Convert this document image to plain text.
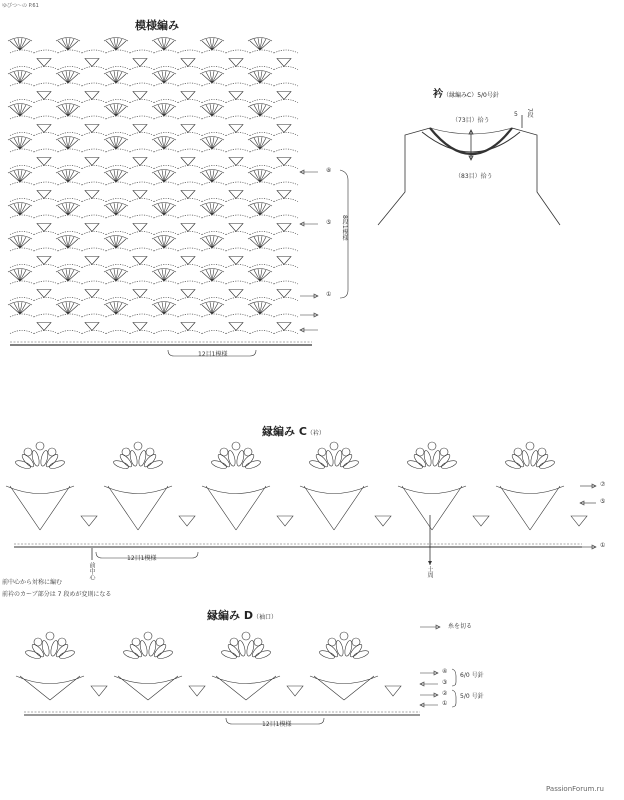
ゆびつ〜の P.61
模様編み
12目1模様
8段1模様
⑧
⑤
①
衿（縁編みC）5/0号針
（73目）拾う
（83目）拾う
5 7段
縁編み C（衿）
12目1模様
前中心	土周
⑦
⑤
①
前中心から対称に編む
前衿のカーブ部分は 7 段めが変則になる
縁編み D（袖口）
糸を切る
12目1模様
④
③
②
①
6/0 号針
5/0 号針
PassionForum.ru
